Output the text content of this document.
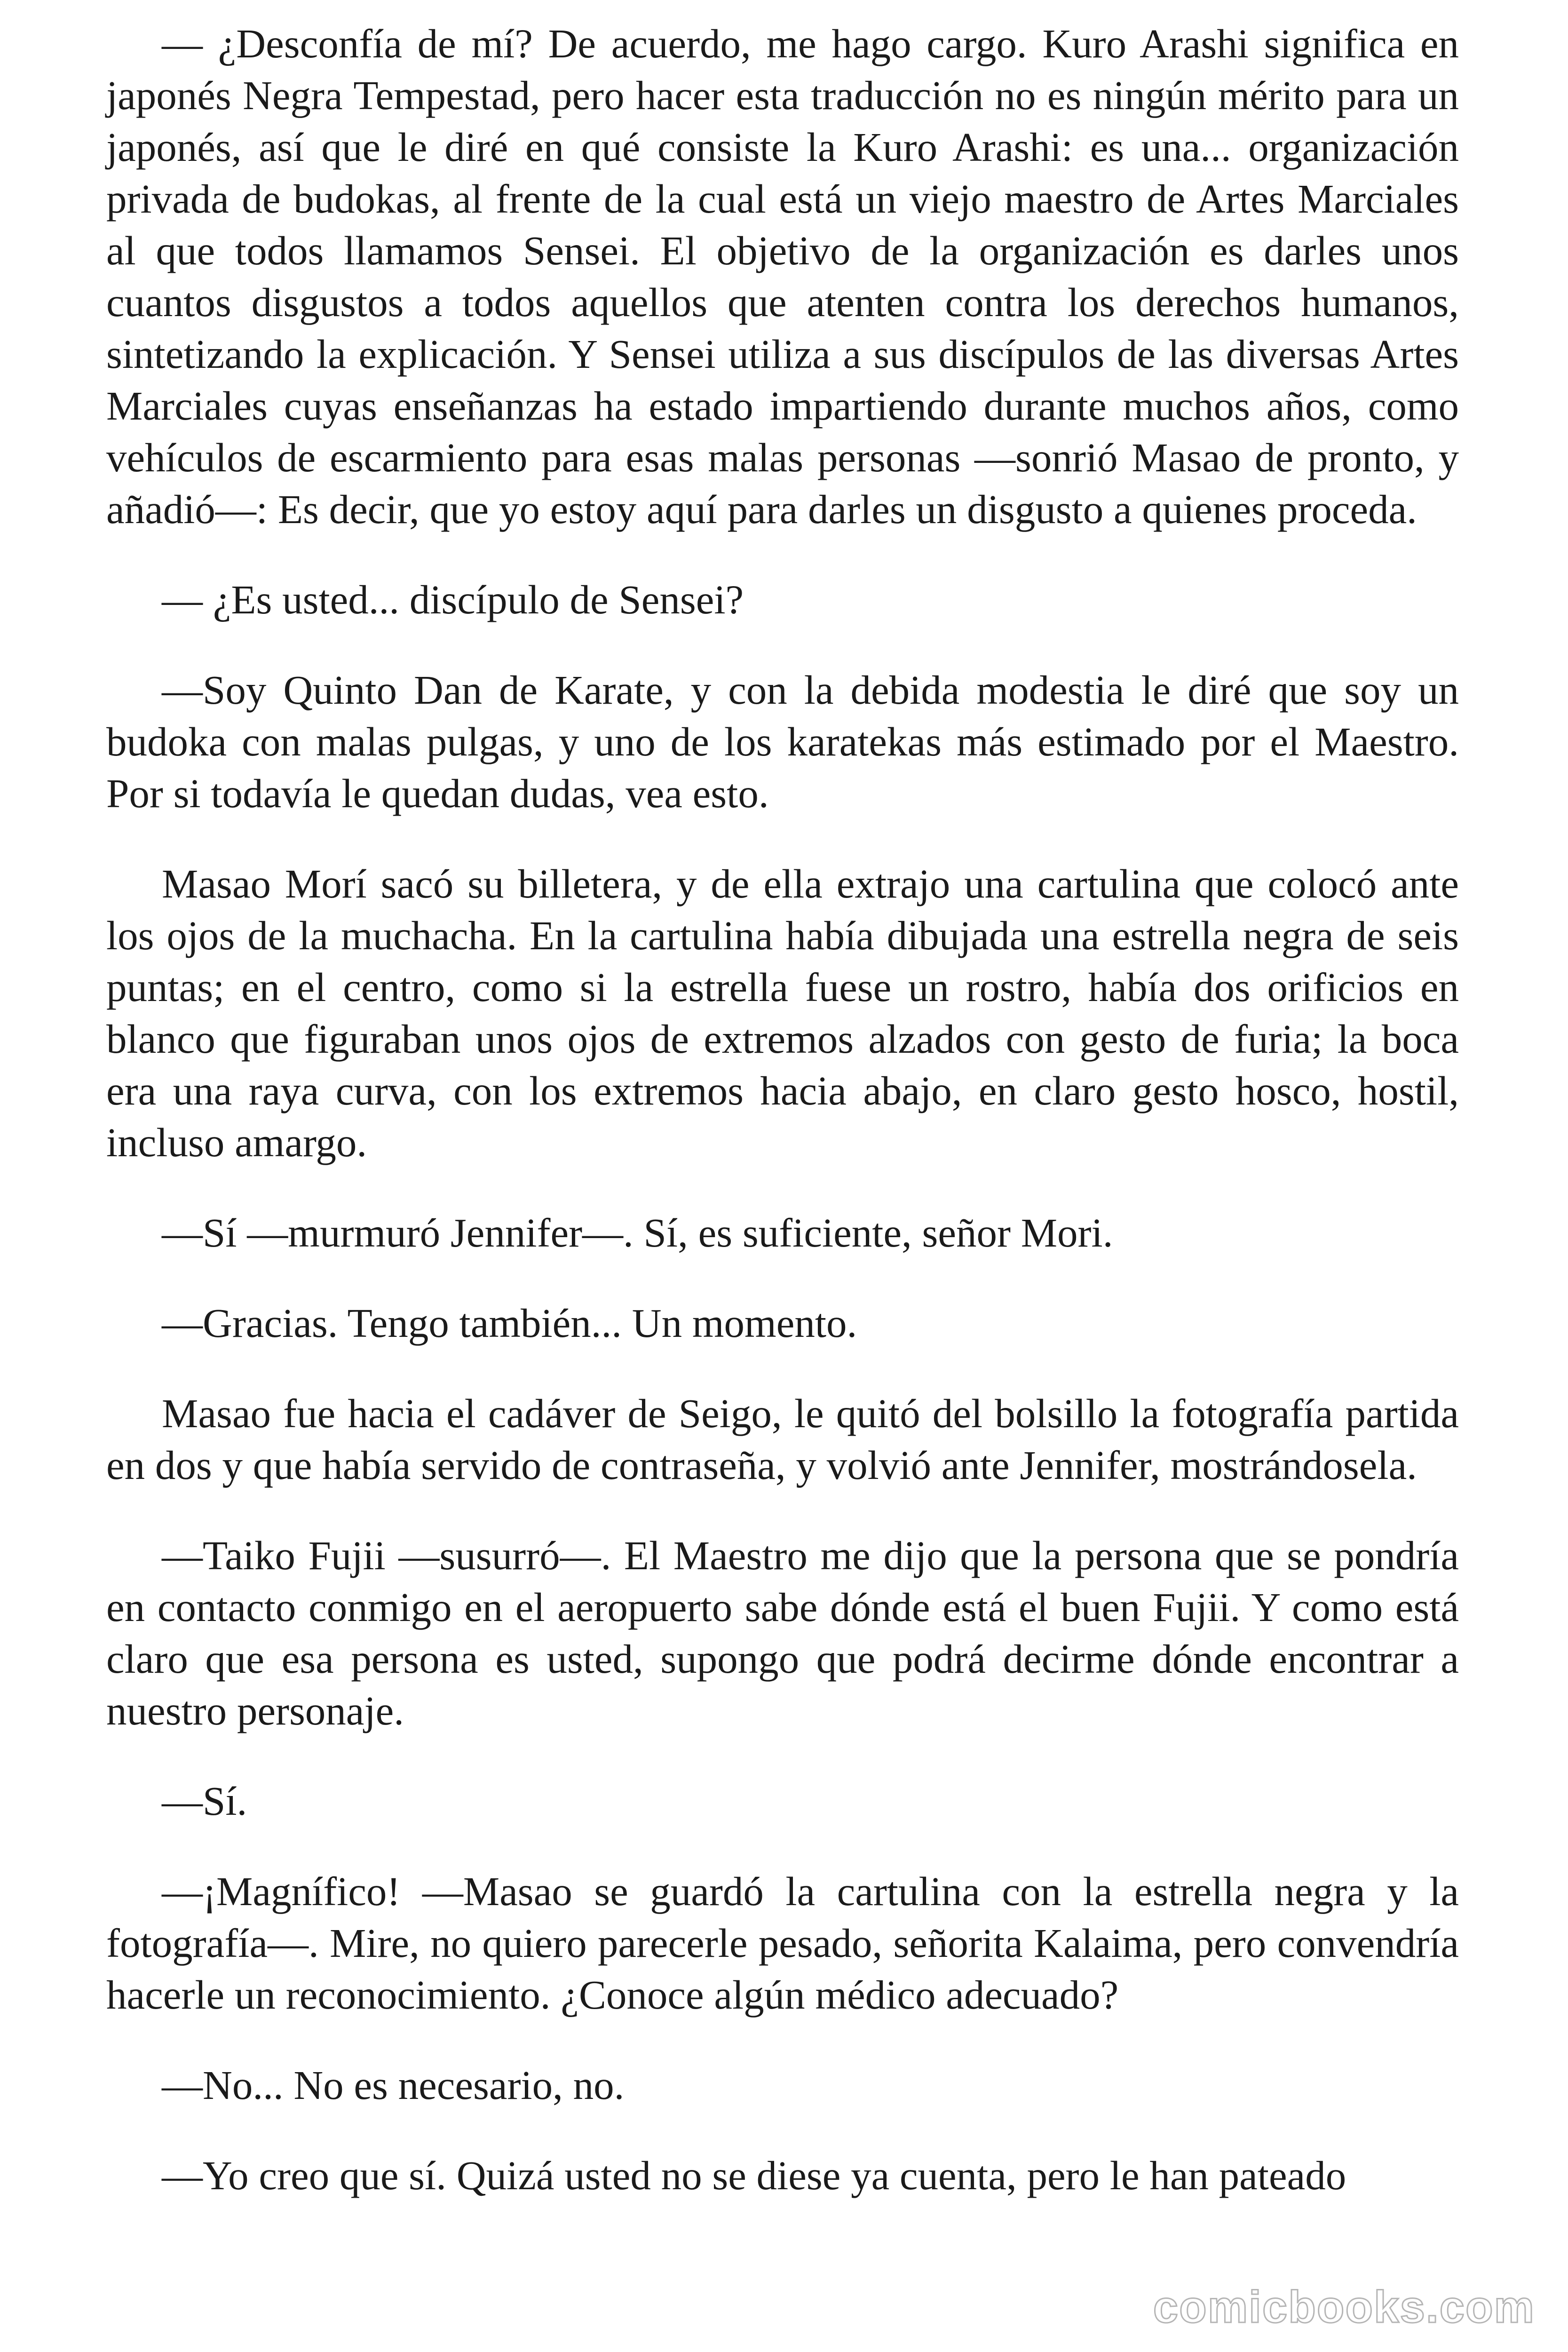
— ¿Desconfía de mí? De acuerdo, me hago cargo. Kuro Arashi significa en japonés Negra Tempestad, pero hacer esta traducción no es ningún mérito para un japonés, así que le diré en qué consiste la Kuro Arashi: es una... organización privada de budokas, al frente de la cual está un viejo maestro de Artes Marciales al que todos llamamos Sensei. El objetivo de la organización es darles unos cuantos disgustos a todos aquellos que atenten contra los derechos humanos, sintetizando la explicación. Y Sensei utiliza a sus discípulos de las diversas Artes Marciales cuyas enseñanzas ha estado impartiendo durante muchos años, como vehículos de escarmiento para esas malas personas —sonrió Masao de pronto, y añadió—: Es decir, que yo estoy aquí para darles un disgusto a quienes proceda.

— ¿Es usted... discípulo de Sensei?

—Soy Quinto Dan de Karate, y con la debida modestia le diré que soy un budoka con malas pulgas, y uno de los karatekas más estimado por el Maestro. Por si todavía le quedan dudas, vea esto.

Masao Morí sacó su billetera, y de ella extrajo una cartulina que colocó ante los ojos de la muchacha. En la cartulina había dibujada una estrella negra de seis puntas; en el centro, como si la estrella fuese un rostro, había dos orificios en blanco que figuraban unos ojos de extremos alzados con gesto de furia; la boca era una raya curva, con los extremos hacia abajo, en claro gesto hosco, hostil, incluso amargo.

—Sí —murmuró Jennifer—. Sí, es suficiente, señor Mori.

—Gracias. Tengo también... Un momento.

Masao fue hacia el cadáver de Seigo, le quitó del bolsillo la fotografía partida en dos y que había servido de contraseña, y volvió ante Jennifer, mostrándosela.

—Taiko Fujii —susurró—. El Maestro me dijo que la persona que se pondría en contacto conmigo en el aeropuerto sabe dónde está el buen Fujii. Y como está claro que esa persona es usted, supongo que podrá decirme dónde encontrar a nuestro personaje.

—Sí.

—¡Magnífico! —Masao se guardó la cartulina con la estrella negra y la fotografía—. Mire, no quiero parecerle pesado, señorita Kalaima, pero convendría hacerle un reconocimiento. ¿Conoce algún médico adecuado?

—No... No es necesario, no.

—Yo creo que sí. Quizá usted no se diese ya cuenta, pero le han pateado

comicbooks.com
